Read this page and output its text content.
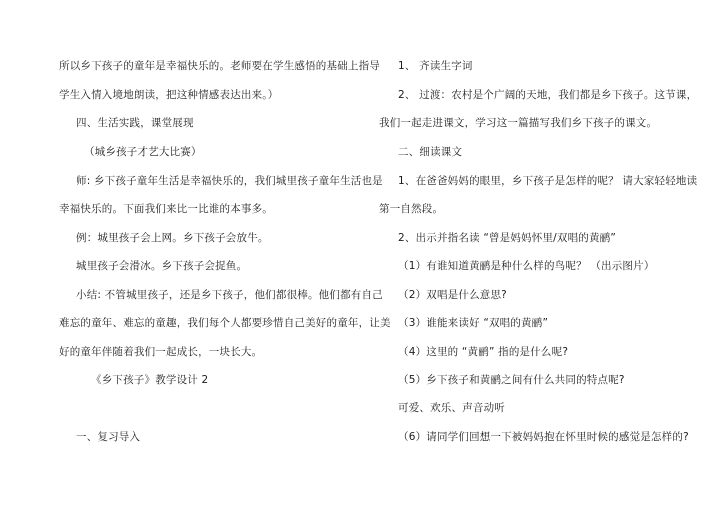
所以乡下孩子的童年是幸福快乐的。老师要在学生感悟的基础上指导
学生入情入境地朗读，把这种情感表达出来。）
四、生活实践，课堂展现
（城乡孩子才艺大比赛）
师: 乡下孩子童年生活是幸福快乐的，我们城里孩子童年生活也是
幸福快乐的。下面我们来比一比谁的本事多。
例：城里孩子会上网。乡下孩子会放牛。
城里孩子会滑冰。乡下孩子会捉鱼。
小结: 不管城里孩子，还是乡下孩子，他们都很棒。他们都有自己
难忘的童年、难忘的童趣，我们每个人都要珍惜自己美好的童年，让美
好的童年伴随着我们一起成长，一块长大。
《乡下孩子》教学设计 2
一、复习导入
1、 齐读生字词
2、 过渡：农村是个广阔的天地，我们都是乡下孩子。这节课，
我们一起走进课文，学习这一篇描写我们乡下孩子的课文。
二、细读课文
1、在爸爸妈妈的眼里，乡下孩子是怎样的呢？ 请大家轻轻地读
第一自然段。
2、出示并指名读 “曾是妈妈怀里/双唱的黄鹂”
（1）有谁知道黄鹂是种什么样的鸟呢？ （出示图片）
（2）双唱是什么意思?
（3）谁能来读好 “双唱的黄鹂”
（4）这里的 “黄鹂” 指的是什么呢?
（5）乡下孩子和黄鹂之间有什么共同的特点呢?
可爱、欢乐、声音动听
（6）请同学们回想一下被妈妈抱在怀里时候的感觉是怎样的?
